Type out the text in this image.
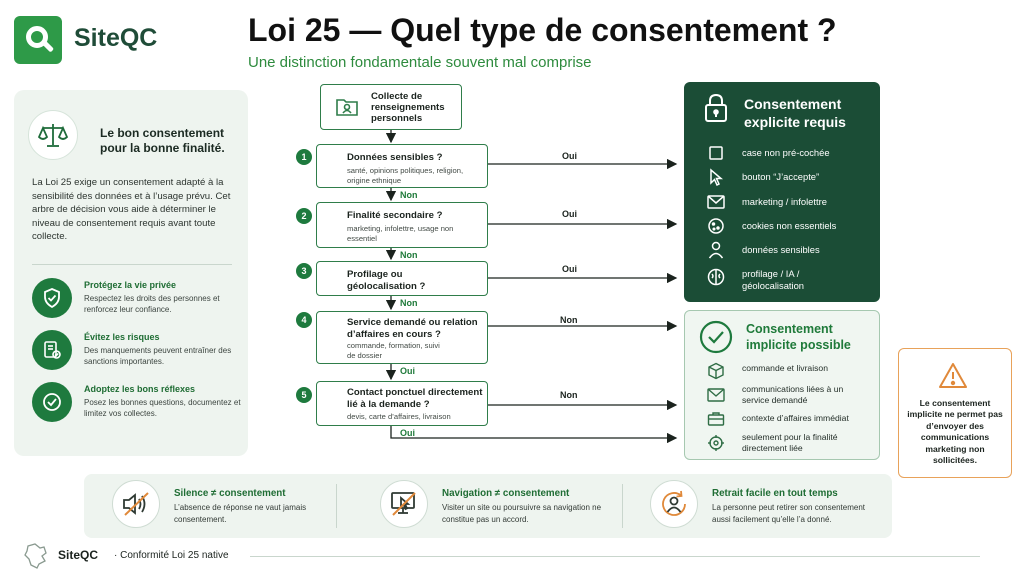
SiteQC	Loi 25 — Quel type de consentement ?
Une distinction fondamentale souvent mal comprise
Le bon consentement pour la bonne finalité.
La Loi 25 exige un consentement adapté à la sensibilité des données et à l’usage prévu. Cet arbre de décision vous aide à déterminer le niveau de consentement requis avant toute collecte.
Protégez la vie privée
Respectez les droits des personnes et renforcez leur confiance.
Évitez les risques
Des manquements peuvent entraîner des sanctions importantes.
Adoptez les bons réflexes
Posez les bonnes questions, documentez et limitez vos collectes.
Collecte de renseignements personnels
1	Données sensibles ?
santé, opinions politiques, religion, origine ethnique
Oui
Non
2	Finalité secondaire ?
marketing, infolettre, usage non essentiel
Oui
Non
3	Profilage ou géolocalisation ?
Oui
Non
4	Service demandé ou relation d’affaires en cours ?
commande, formation, suivi de dossier
Non
Oui
5	Contact ponctuel directement lié à la demande ?
devis, carte d’affaires, livraison
Non
Oui
Consentement explicite requis
case non pré-cochée
bouton “J’accepte”
marketing / infolettre
cookies non essentiels
données sensibles
profilage / IA / géolocalisation
Consentement implicite possible
commande et livraison
communications liées à un service demandé
contexte d’affaires immédiat
seulement pour la finalité directement liée
Le consentement implicite ne permet pas d’envoyer des communications marketing non sollicitées.
Silence ≠ consentement
L’absence de réponse ne vaut jamais consentement.
Navigation ≠ consentement
Visiter un site ou poursuivre sa navigation ne constitue pas un accord.
Retrait facile en tout temps
La personne peut retirer son consentement aussi facilement qu’elle l’a donné.
SiteQC · Conformité Loi 25 native
